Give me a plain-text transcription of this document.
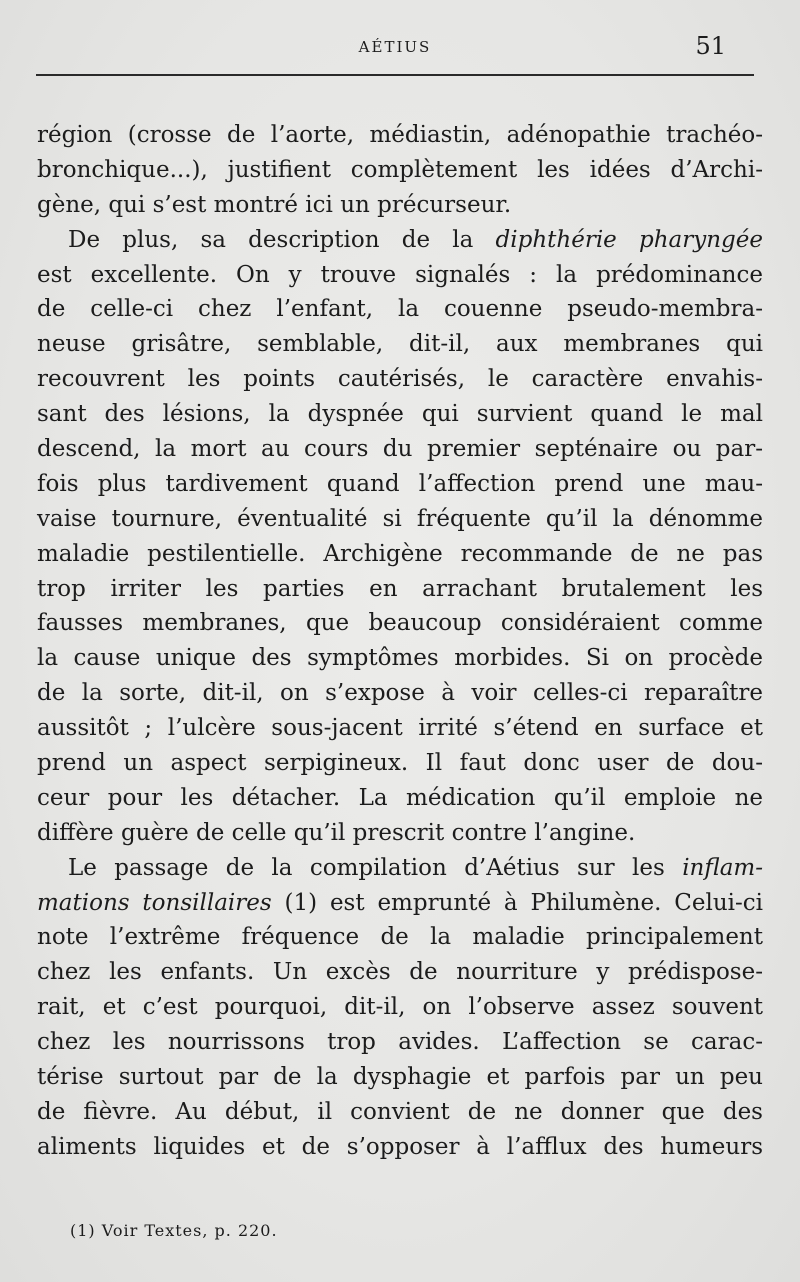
AÉTIUS	51
région (crosse de l’aorte, médiastin, adénopathie trachéo-
bronchique...), justifient complètement les idées d’Archi-
gène, qui s’est montré ici un précurseur.
De plus, sa description de la diphthérie pharyngée
est excellente. On y trouve signalés : la prédominance
de celle-ci chez l’enfant, la couenne pseudo-membra-
neuse grisâtre, semblable, dit-il, aux membranes qui
recouvrent les points cautérisés, le caractère envahis-
sant des lésions, la dyspnée qui survient quand le mal
descend, la mort au cours du premier septénaire ou par-
fois plus tardivement quand l’affection prend une mau-
vaise tournure, éventualité si fréquente qu’il la dénomme
maladie pestilentielle. Archigène recommande de ne pas
trop irriter les parties en arrachant brutalement les
fausses membranes, que beaucoup considéraient comme
la cause unique des symptômes morbides. Si on procède
de la sorte, dit-il, on s’expose à voir celles-ci reparaître
aussitôt ; l’ulcère sous-jacent irrité s’étend en surface et
prend un aspect serpigineux. Il faut donc user de dou-
ceur pour les détacher. La médication qu’il emploie ne
diffère guère de celle qu’il prescrit contre l’angine.
Le passage de la compilation d’Aétius sur les inflam-
mations tonsillaires (1) est emprunté à Philumène. Celui-ci
note l’extrême fréquence de la maladie principalement
chez les enfants. Un excès de nourriture y prédispose-
rait, et c’est pourquoi, dit-il, on l’observe assez souvent
chez les nourrissons trop avides. L’affection se carac-
térise surtout par de la dysphagie et parfois par un peu
de fièvre. Au début, il convient de ne donner que des
aliments liquides et de s’opposer à l’afflux des humeurs
(1) Voir Textes, p. 220.
